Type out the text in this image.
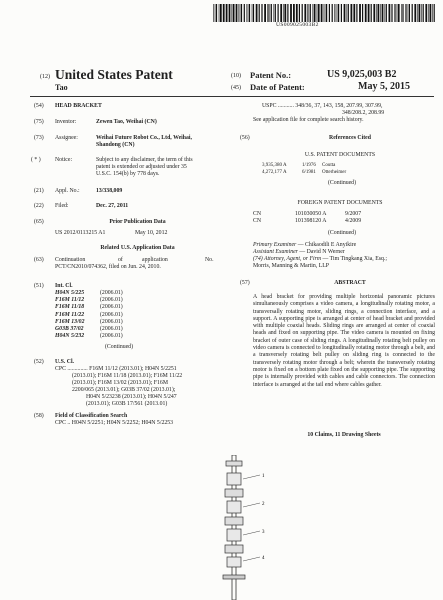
US009025003B2
(12) United States Patent
Tao
(10) Patent No.:	US 9,025,003 B2
(45) Date of Patent:	May 5, 2015
(54) HEAD BRACKET
(75) Inventor:	Zewen Tao, Weihai (CN)
(73) Assignee:	Weihai Future Robot Co., Ltd, Weihai,
Shandong (CN)
( * ) Notice:	Subject to any disclaimer, the term of this
patent is extended or adjusted under 35
U.S.C. 154(b) by 778 days.
(21) Appl. No.:	13/338,009
(22) Filed:	Dec. 27, 2011
(65)	Prior Publication Data
US 2012/0113215 A1	May 10, 2012
Related U.S. Application Data
(63) Continuation	of	application	No.
PCT/CN2010/074362, filed on Jun. 24, 2010.
(51) Int. Cl.
H04N 5/225	(2006.01)
F16M 11/12	(2006.01)
F16M 11/18	(2006.01)
F16M 11/22	(2006.01)
F16M 13/02	(2006.01)
G03B 37/02	(2006.01)
H04N 5/232	(2006.01)
(Continued)
(52) U.S. Cl.
CPC .............. F16M 11/12 (2013.01); H04N 5/2251
(2013.01); F16M 11/18 (2013.01); F16M 11/22
(2013.01); F16M 13/02 (2013.01); F16M
2200/065 (2013.01); G03B 37/02 (2013.01);
H04N 5/23238 (2013.01); H04N 5/247
(2013.01); G03B 17/561 (2013.01)
(58) Field of Classification Search
CPC .. H04N 5/2251; H04N 5/2252; H04N 5/2253
USPC ........... 348/36, 37, 143, 158, 207.99, 307.99,
348/208.2, 208.99
See application file for complete search history.
(56)	References Cited
U.S. PATENT DOCUMENTS
3,935,380 A	1/1976 Coutta
4,272,177 A	6/1981 Otterheimer
(Continued)
FOREIGN PATENT DOCUMENTS
CN	101030050 A	9/2007
CN	101398120 A	4/2009
(Continued)
Primary Examiner — Chikaodili E Anyikire
Assistant Examiner — David N Werner
(74) Attorney, Agent, or Firm — Tim Tingkang Xia, Esq.;
Morris, Manning & Martin, LLP
(57)	ABSTRACT
A head bracket for providing multiple horizontal panoramic pictures simultaneously comprises a video camera, a longitudinally rotating motor, a transversally rotating motor, sliding rings, a connection interface, and a support. A supporting pipe is arranged at center of head bracket and provided with multiple coaxial heads. Sliding rings are arranged at center of coaxial heads and fixed on supporting pipe. The video camera is mounted on fixing bracket of outer case of sliding rings. A longitudinally rotating belt pulley on video camera is connected to longitudinally rotating motor through a belt, and a transversely rotating belt pulley on sliding ring is connected to the transversely rotating motor through a belt; wherein the transversely rotating motor is fixed on a bottom plate fixed on the supporting pipe. The supporting pipe is internally provided with cables and cable connectors. The connection interface is arranged at the tail end where cables gather.
10 Claims, 11 Drawing Sheets
1
2
3
4
